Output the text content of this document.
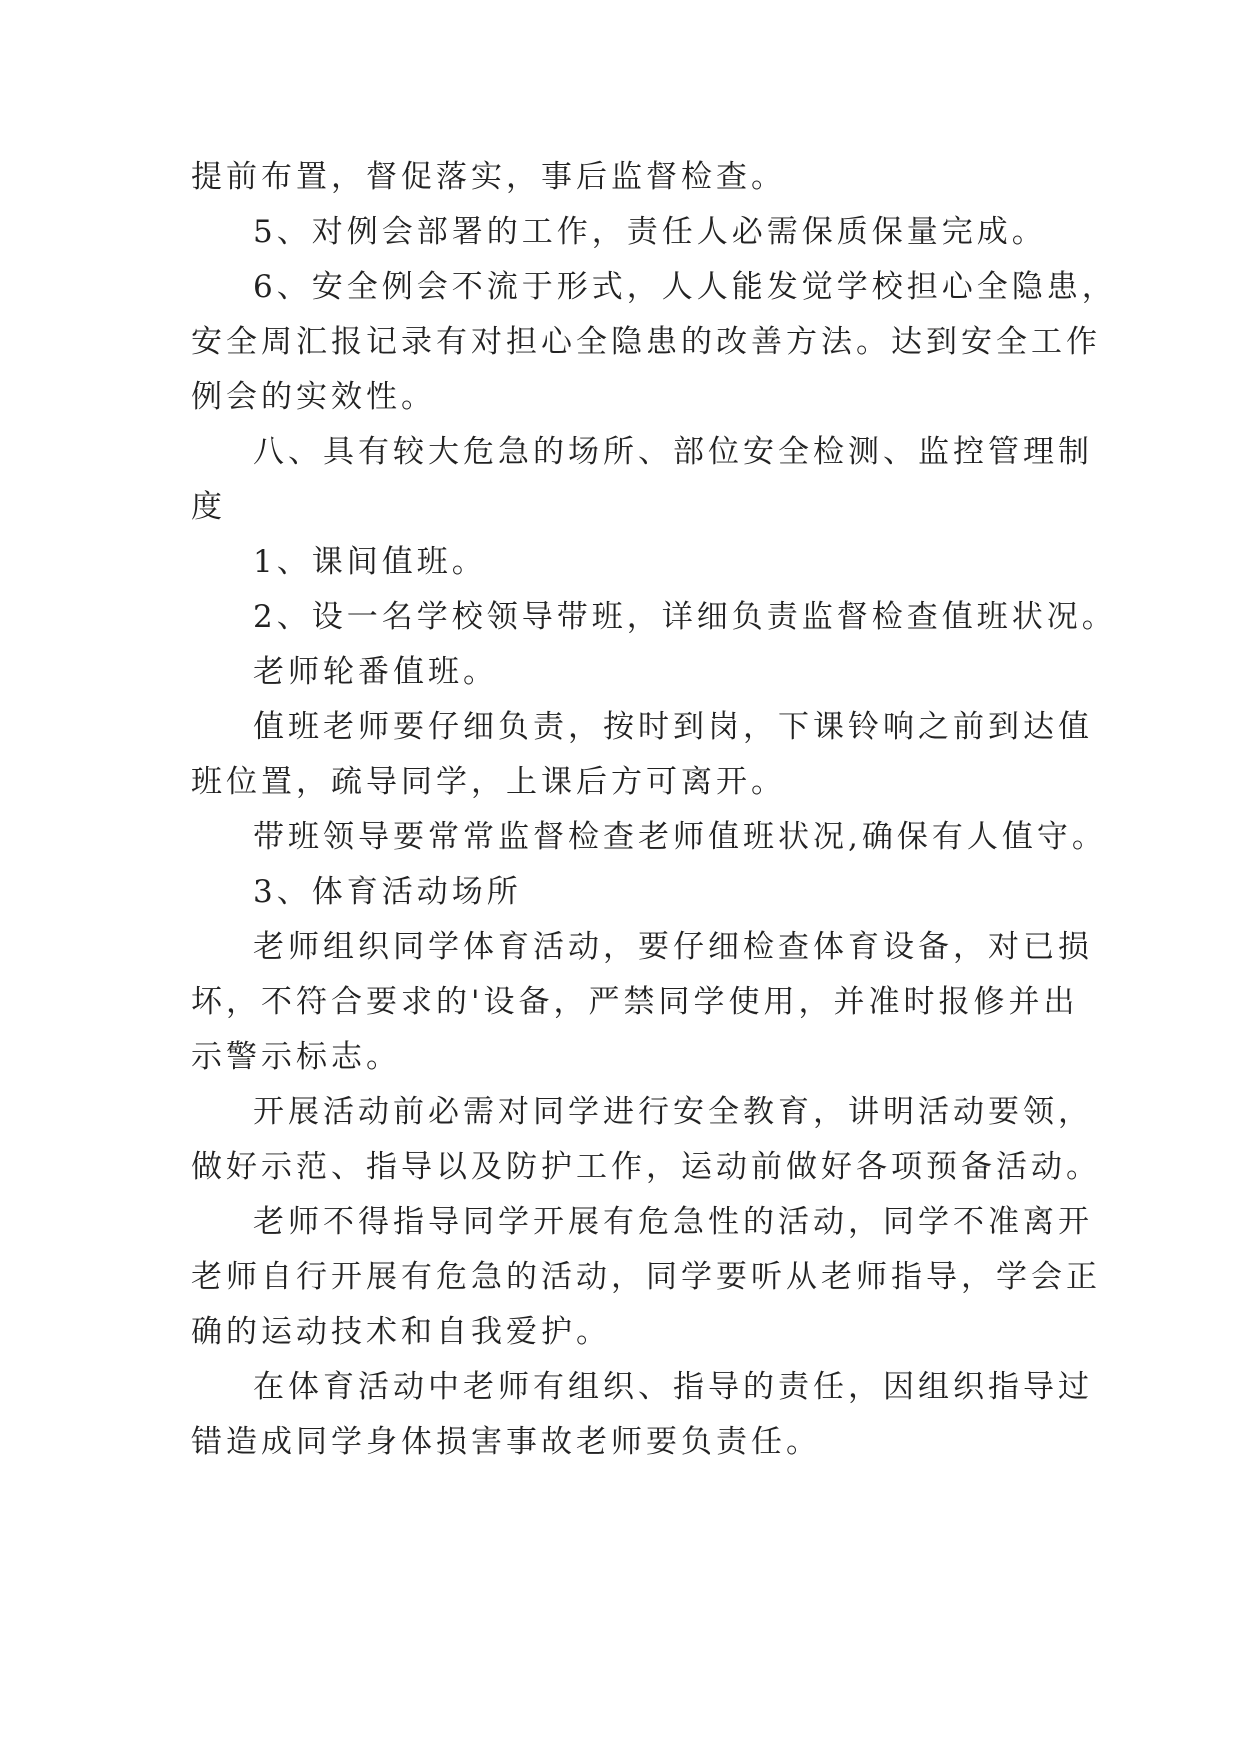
提前布置，督促落实，事后监督检查。

5、对例会部署的工作，责任人必需保质保量完成。

6、安全例会不流于形式，人人能发觉学校担心全隐患，

安全周汇报记录有对担心全隐患的改善方法。达到安全工作

例会的实效性。

八、具有较大危急的场所、部位安全检测、监控管理制

度

1、课间值班。

2、设一名学校领导带班，详细负责监督检查值班状况。

老师轮番值班。

值班老师要仔细负责，按时到岗，下课铃响之前到达值

班位置，疏导同学，上课后方可离开。

带班领导要常常监督检查老师值班状况,确保有人值守。

3、体育活动场所

老师组织同学体育活动，要仔细检查体育设备，对已损

坏，不符合要求的'设备，严禁同学使用，并准时报修并出

示警示标志。

开展活动前必需对同学进行安全教育，讲明活动要领，

做好示范、指导以及防护工作，运动前做好各项预备活动。

老师不得指导同学开展有危急性的活动，同学不准离开

老师自行开展有危急的活动，同学要听从老师指导，学会正

确的运动技术和自我爱护。

在体育活动中老师有组织、指导的责任，因组织指导过

错造成同学身体损害事故老师要负责任。
